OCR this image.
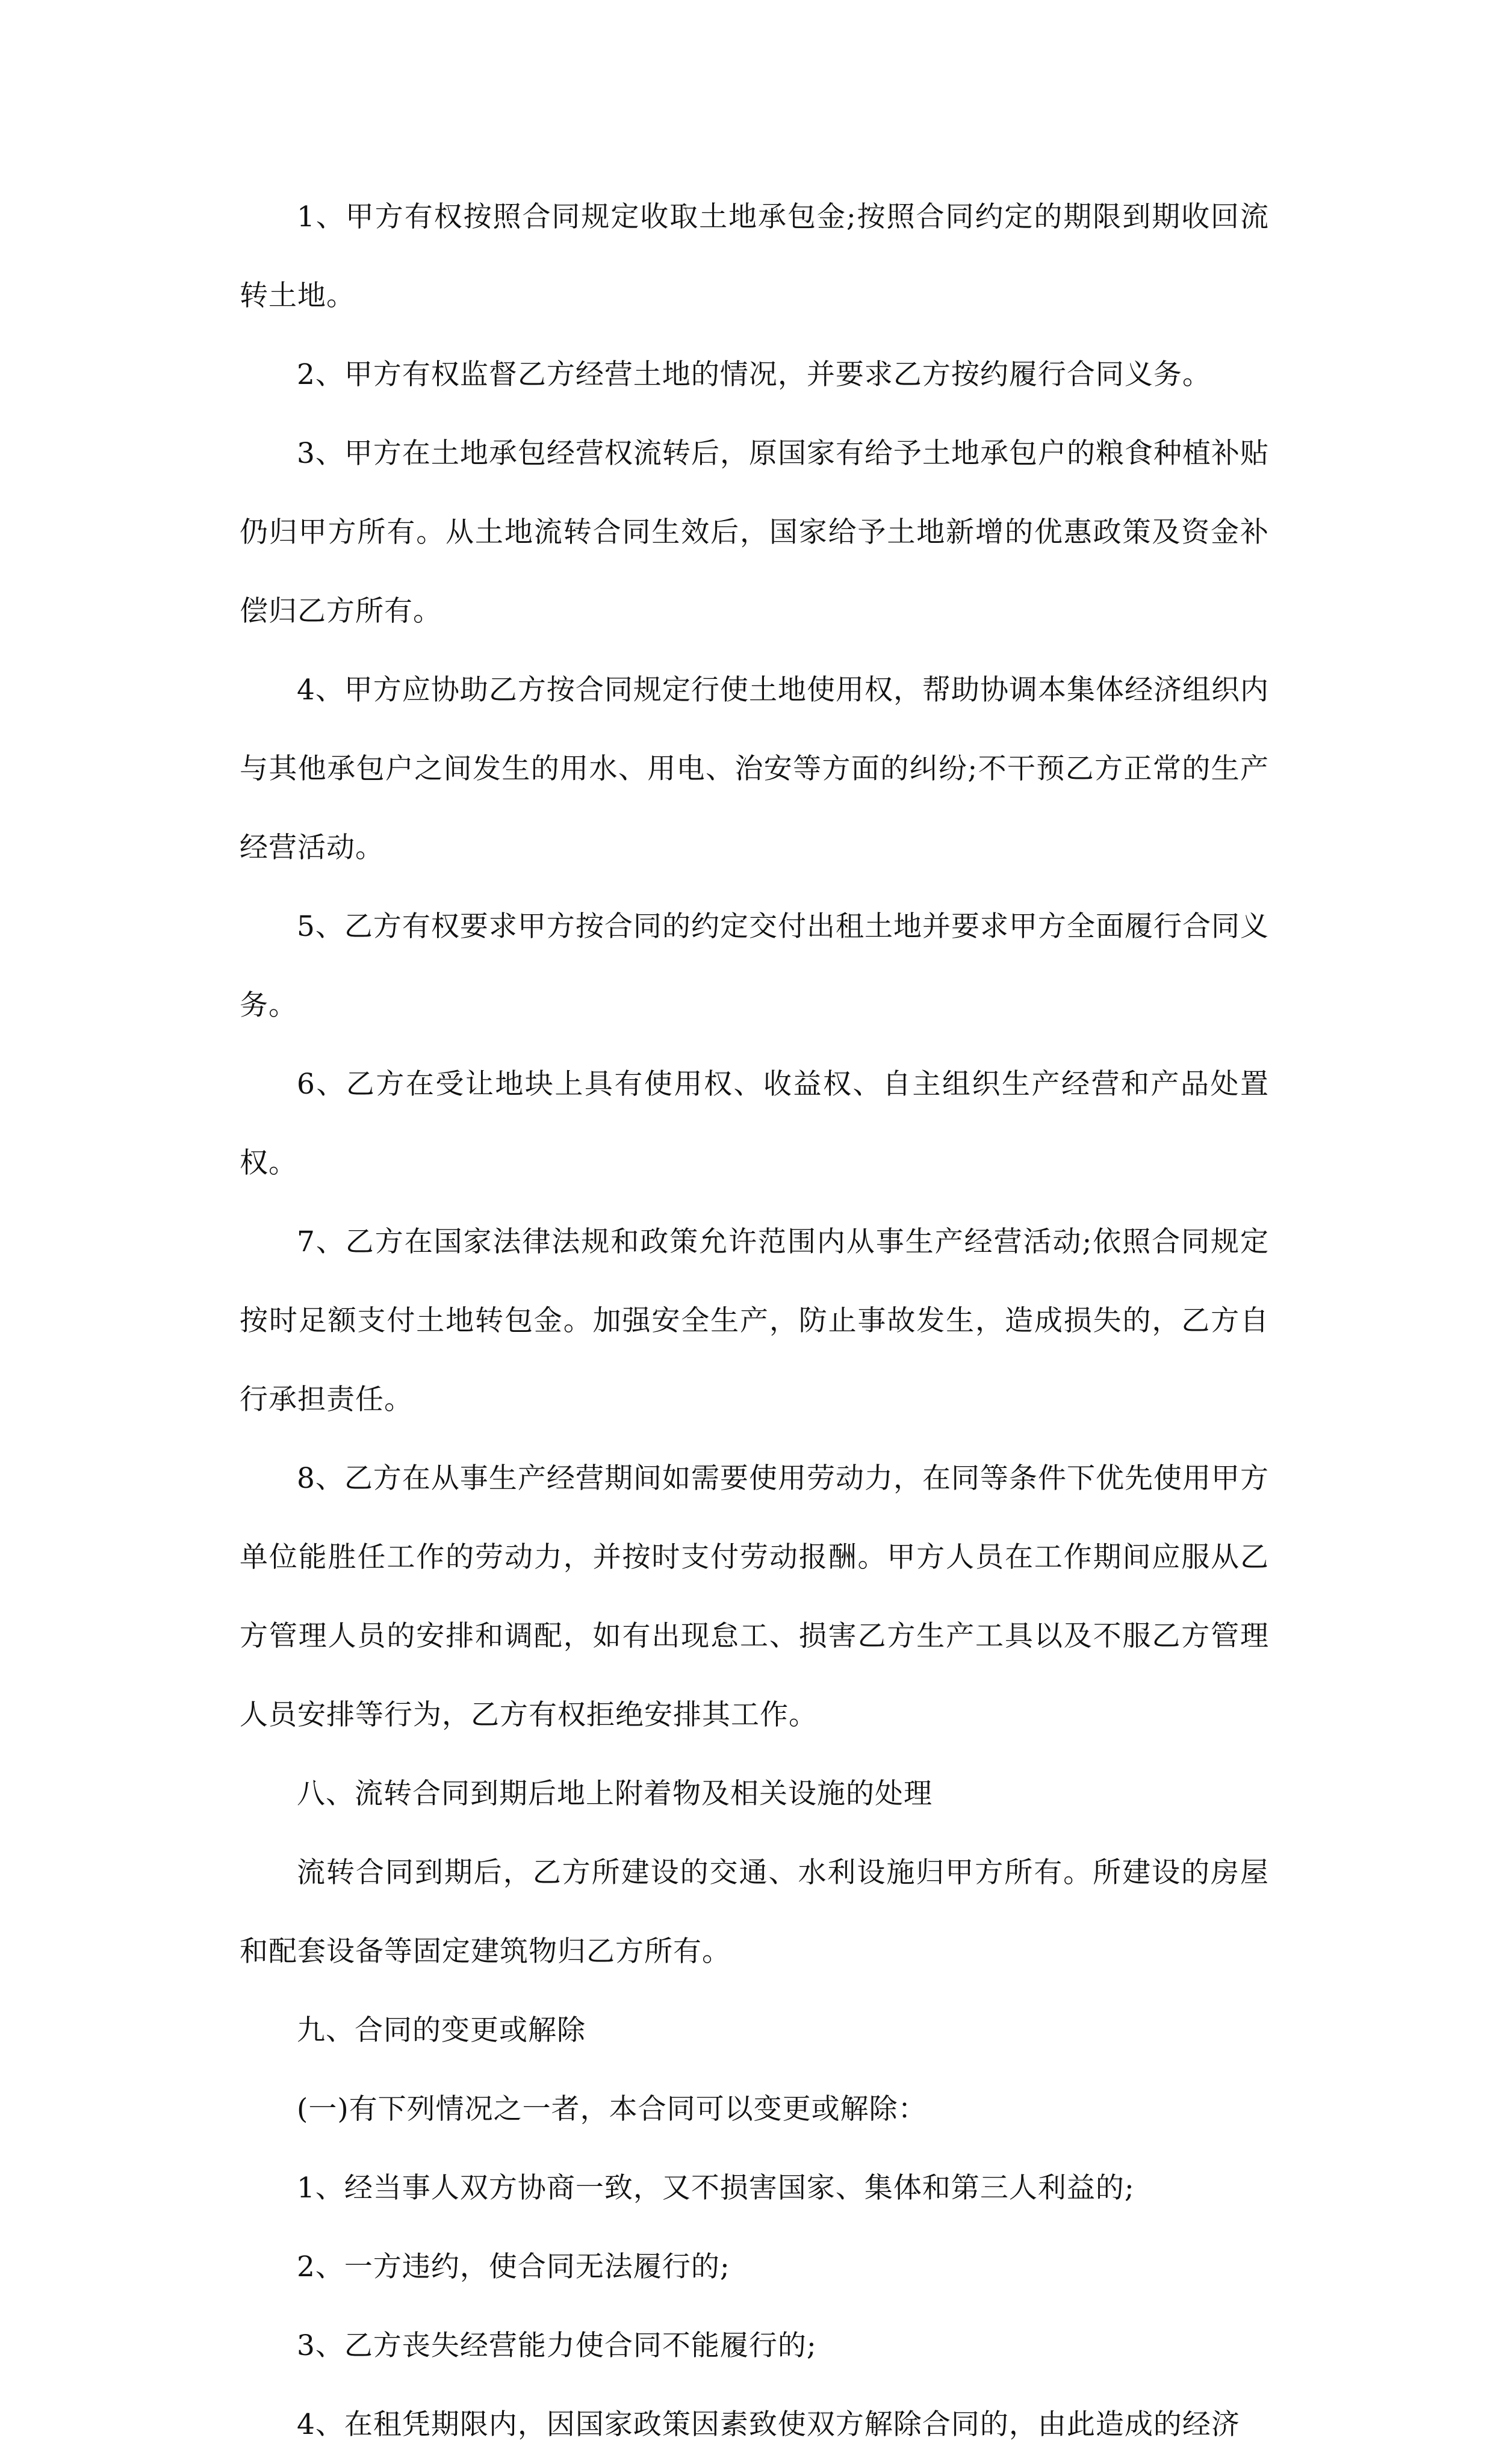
1、甲方有权按照合同规定收取土地承包金;按照合同约定的期限到期收回流转土地。

2、甲方有权监督乙方经营土地的情况，并要求乙方按约履行合同义务。

3、甲方在土地承包经营权流转后，原国家有给予土地承包户的粮食种植补贴仍归甲方所有。从土地流转合同生效后，国家给予土地新增的优惠政策及资金补偿归乙方所有。

4、甲方应协助乙方按合同规定行使土地使用权，帮助协调本集体经济组织内与其他承包户之间发生的用水、用电、治安等方面的纠纷;不干预乙方正常的生产经营活动。

5、乙方有权要求甲方按合同的约定交付出租土地并要求甲方全面履行合同义务。

6、乙方在受让地块上具有使用权、收益权、自主组织生产经营和产品处置权。

7、乙方在国家法律法规和政策允许范围内从事生产经营活动;依照合同规定按时足额支付土地转包金。加强安全生产，防止事故发生，造成损失的，乙方自行承担责任。

8、乙方在从事生产经营期间如需要使用劳动力，在同等条件下优先使用甲方单位能胜任工作的劳动力，并按时支付劳动报酬。甲方人员在工作期间应服从乙方管理人员的安排和调配，如有出现怠工、损害乙方生产工具以及不服乙方管理人员安排等行为，乙方有权拒绝安排其工作。

八、流转合同到期后地上附着物及相关设施的处理

流转合同到期后，乙方所建设的交通、水利设施归甲方所有。所建设的房屋和配套设备等固定建筑物归乙方所有。

九、合同的变更或解除

(一)有下列情况之一者，本合同可以变更或解除：

1、经当事人双方协商一致，又不损害国家、集体和第三人利益的;

2、一方违约，使合同无法履行的;

3、乙方丧失经营能力使合同不能履行的;

4、在租凭期限内，因国家政策因素致使双方解除合同的，由此造成的经济
